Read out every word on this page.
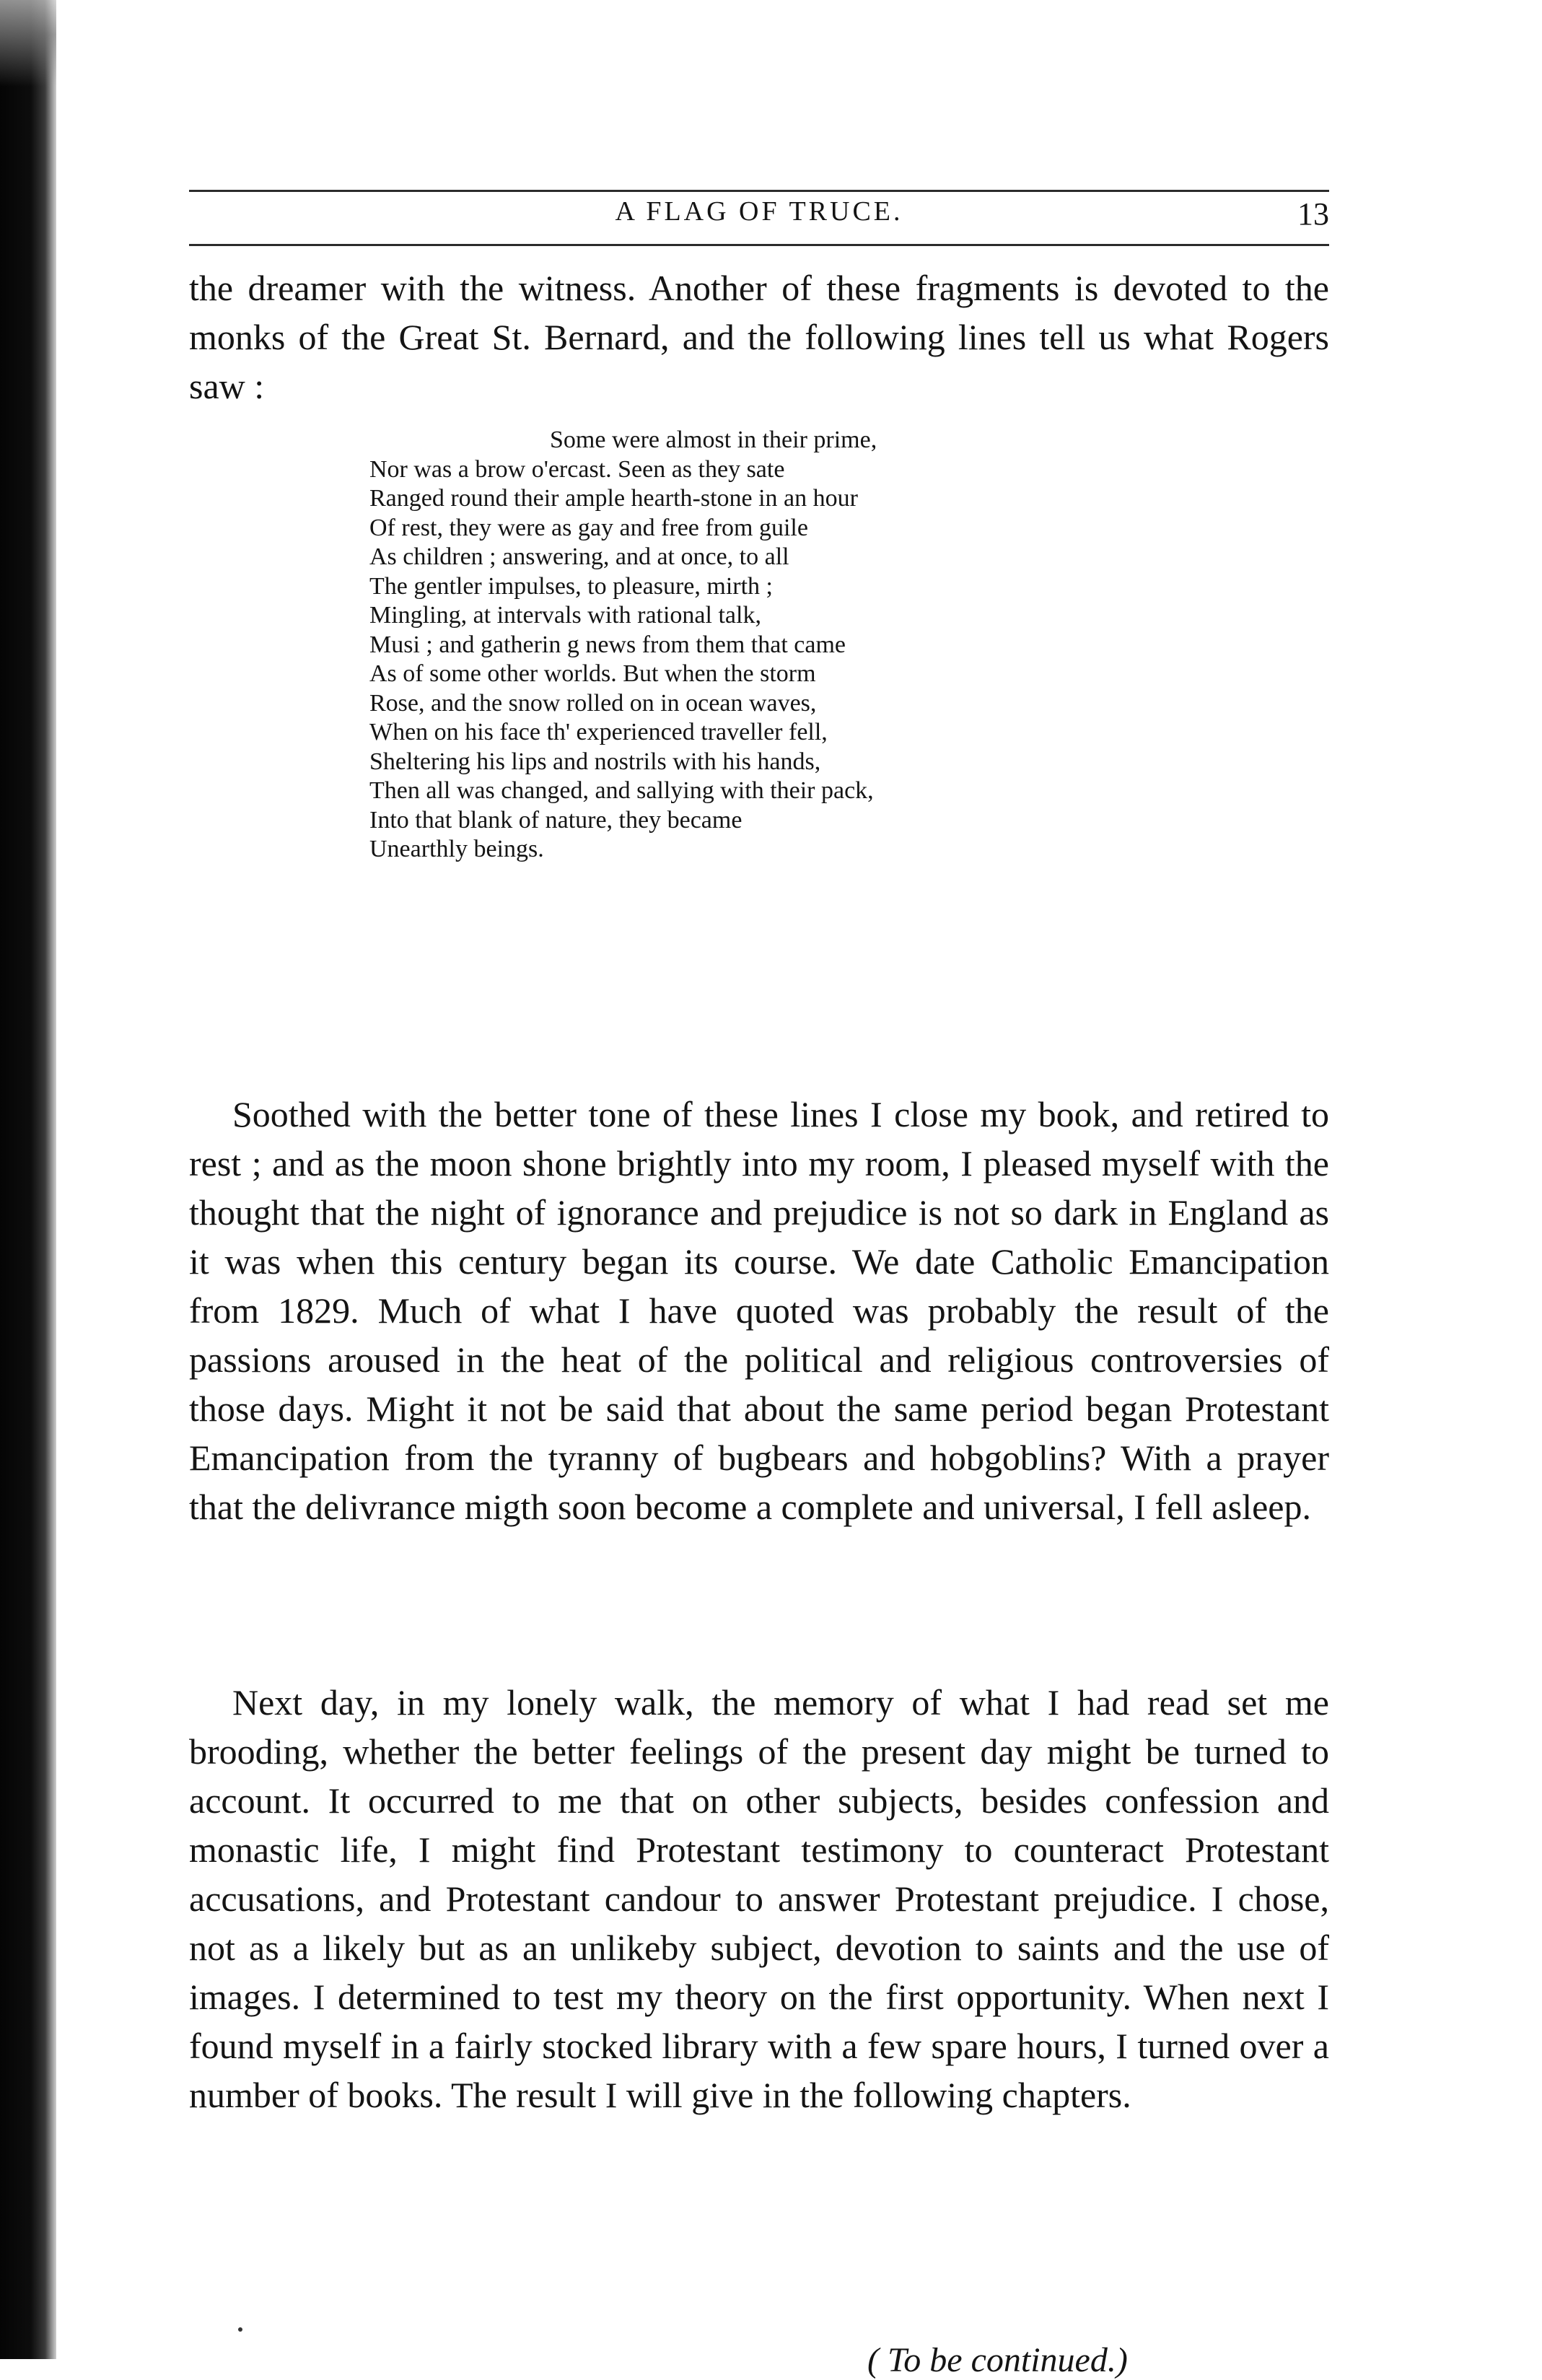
A FLAG OF TRUCE.	13

the dreamer with the witness. Another of these fragments is devoted to the monks of the Great St. Bernard, and the following lines tell us what Rogers saw :

Some were almost in their prime,
Nor was a brow o'ercast. Seen as they sate
Ranged round their ample hearth-stone in an hour
Of rest, they were as gay and free from guile
As children ; answering, and at once, to all
The gentler impulses, to pleasure, mirth ;
Mingling, at intervals with rational talk,
Musi ; and gatherin g news from them that came
As of some other worlds. But when the storm
Rose, and the snow rolled on in ocean waves,
When on his face th' experienced traveller fell,
Sheltering his lips and nostrils with his hands,
Then all was changed, and sallying with their pack,
Into that blank of nature, they became
Unearthly beings.

Soothed with the better tone of these lines I close my book, and retired to rest ; and as the moon shone brightly into my room, I pleased myself with the thought that the night of ignorance and prejudice is not so dark in England as it was when this century began its course. We date Catholic Emancipation from 1829. Much of what I have quoted was probably the result of the passions aroused in the heat of the political and religious controversies of those days. Might it not be said that about the same period began Protestant Emancipation from the tyranny of bugbears and hobgoblins? With a prayer that the delivrance migth soon become a complete and universal, I fell asleep.

Next day, in my lonely walk, the memory of what I had read set me brooding, whether the better feelings of the present day might be turned to account. It occurred to me that on other subjects, besides confession and monastic life, I might find Protestant testimony to counteract Protestant accusations, and Protestant candour to answer Protestant prejudice. I chose, not as a likely but as an unlikeby subject, devotion to saints and the use of images. I determined to test my theory on the first opportunity. When next I found myself in a fairly stocked library with a few spare hours, I turned over a number of books. The result I will give in the following chapters.

( To be continued.)
